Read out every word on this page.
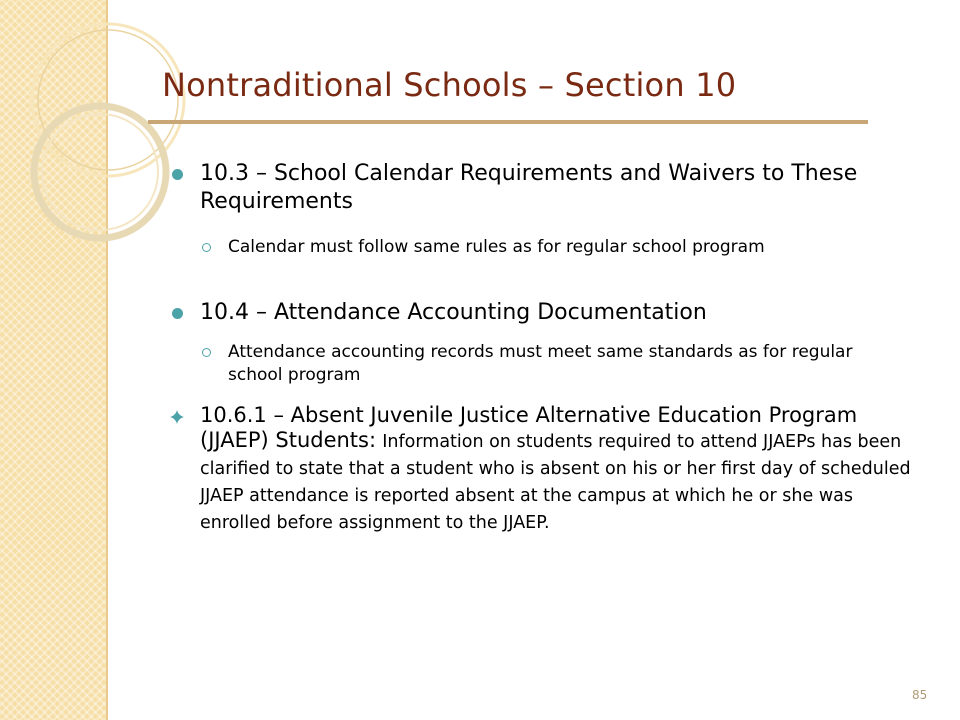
Nontraditional Schools – Section 10
10.3 – School Calendar Requirements and Waivers to These Requirements
Calendar must follow same rules as for regular school program
10.4 – Attendance Accounting Documentation
Attendance accounting records must meet same standards as for regular school program
10.6.1 – Absent Juvenile Justice Alternative Education Program (JJAEP) Students: Information on students required to attend JJAEPs has been clarified to state that a student who is absent on his or her first day of scheduled JJAEP attendance is reported absent at the campus at which he or she was enrolled before assignment to the JJAEP.
85
